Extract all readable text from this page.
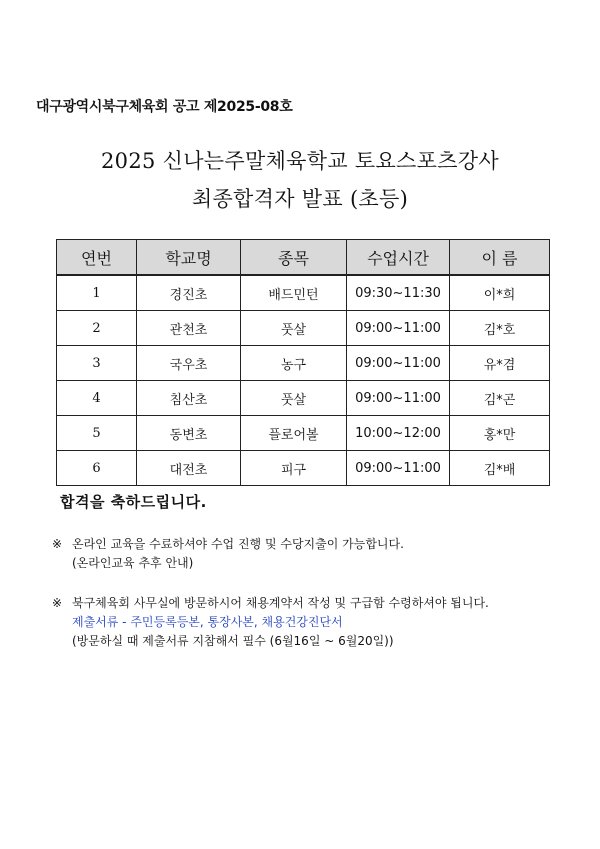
대구광역시북구체육회 공고 제2025-08호
2025 신나는주말체육학교 토요스포츠강사
최종합격자 발표 (초등)
연번	학교명	종목	수업시간	이 름
1	경진초	배드민턴	09:30~11:30	이*희
2	관천초	풋살	09:00~11:00	김*호
3	국우초	농구	09:00~11:00	유*겸
4	침산초	풋살	09:00~11:00	김*곤
5	동변초	플로어볼	10:00~12:00	홍*만
6	대전초	피구	09:00~11:00	김*배
합격을 축하드립니다.
※ 온라인 교육을 수료하셔야 수업 진행 및 수당지출이 가능합니다.
(온라인교육 추후 안내)
※ 북구체육회 사무실에 방문하시어 채용계약서 작성 및 구급함 수령하셔야 됩니다.
제출서류 - 주민등록등본, 통장사본, 채용건강진단서
(방문하실 때 제출서류 지참해서 필수 (6월16일 ~ 6월20일))
